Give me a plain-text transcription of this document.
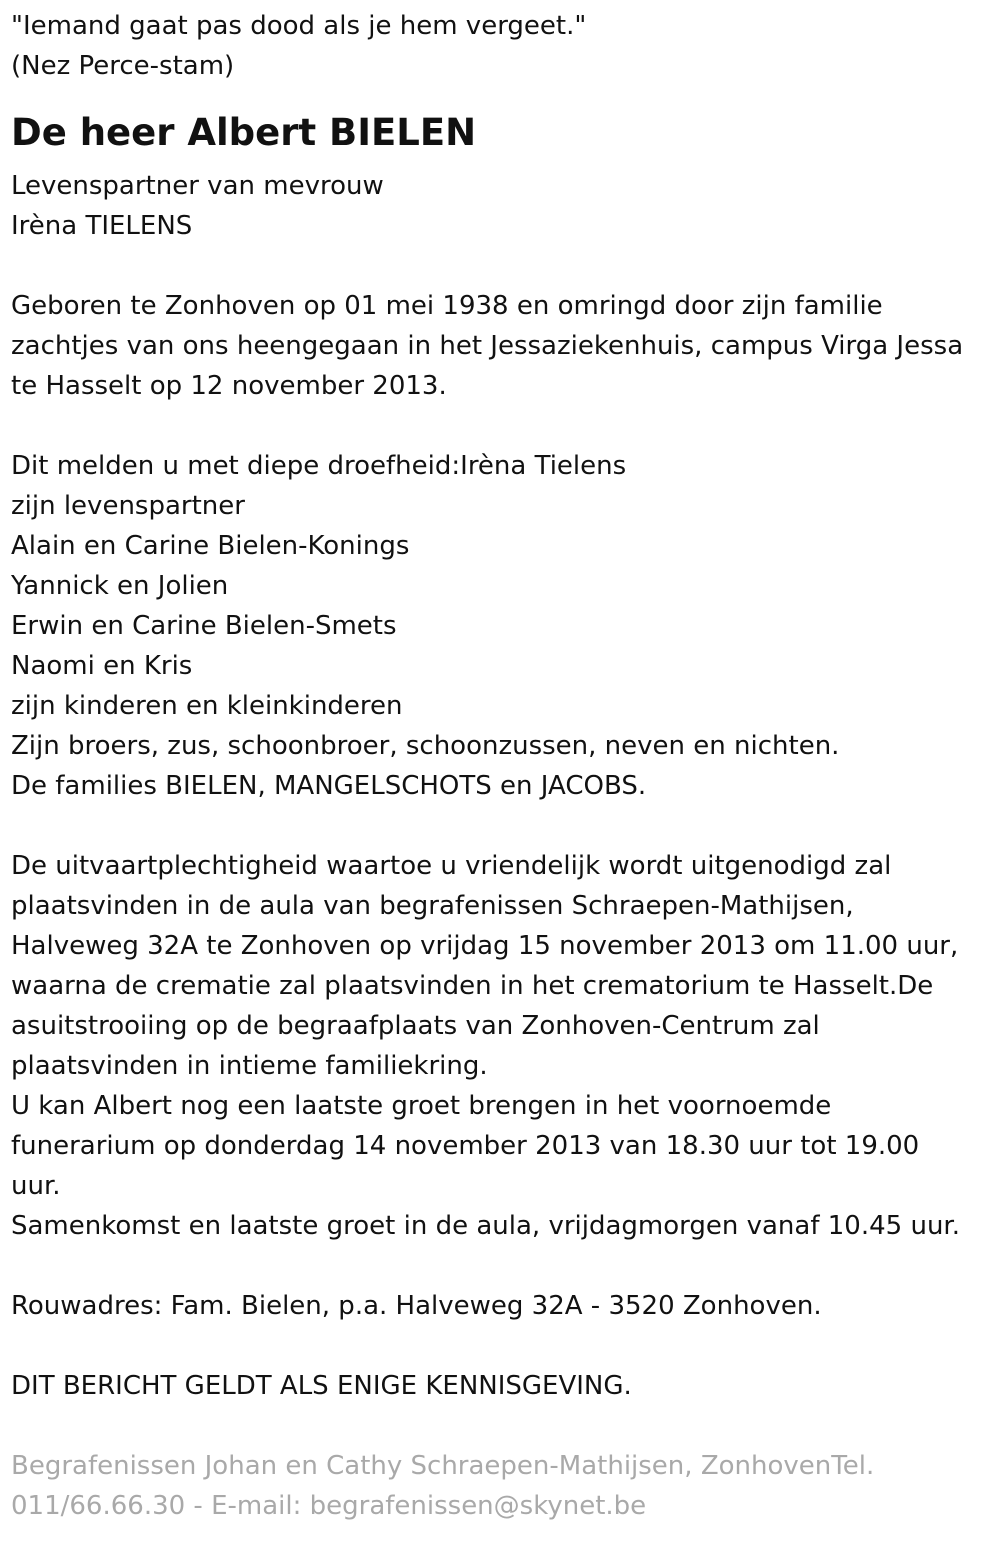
"Iemand gaat pas dood als je hem vergeet."
(Nez Perce-stam)
De heer Albert BIELEN
Levenspartner van mevrouw
Irèna TIELENS
Geboren te Zonhoven op 01 mei 1938 en omringd door zijn familie
zachtjes van ons heengegaan in het Jessaziekenhuis, campus Virga Jessa
te Hasselt op 12 november 2013.
Dit melden u met diepe droefheid:Irèna Tielens
zijn levenspartner
Alain en Carine Bielen-Konings
Yannick en Jolien
Erwin en Carine Bielen-Smets
Naomi en Kris
zijn kinderen en kleinkinderen
Zijn broers, zus, schoonbroer, schoonzussen, neven en nichten.
De families BIELEN, MANGELSCHOTS en JACOBS.
De uitvaartplechtigheid waartoe u vriendelijk wordt uitgenodigd zal
plaatsvinden in de aula van begrafenissen Schraepen-Mathijsen,
Halveweg 32A te Zonhoven op vrijdag 15 november 2013 om 11.00 uur,
waarna de crematie zal plaatsvinden in het crematorium te Hasselt.De
asuitstrooiing op de begraafplaats van Zonhoven-Centrum zal
plaatsvinden in intieme familiekring.
U kan Albert nog een laatste groet brengen in het voornoemde
funerarium op donderdag 14 november 2013 van 18.30 uur tot 19.00
uur.
Samenkomst en laatste groet in de aula, vrijdagmorgen vanaf 10.45 uur.
Rouwadres: Fam. Bielen, p.a. Halveweg 32A - 3520 Zonhoven.
DIT BERICHT GELDT ALS ENIGE KENNISGEVING.
Begrafenissen Johan en Cathy Schraepen-Mathijsen, ZonhovenTel.
011/66.66.30 - E-mail: begrafenissen@skynet.be
